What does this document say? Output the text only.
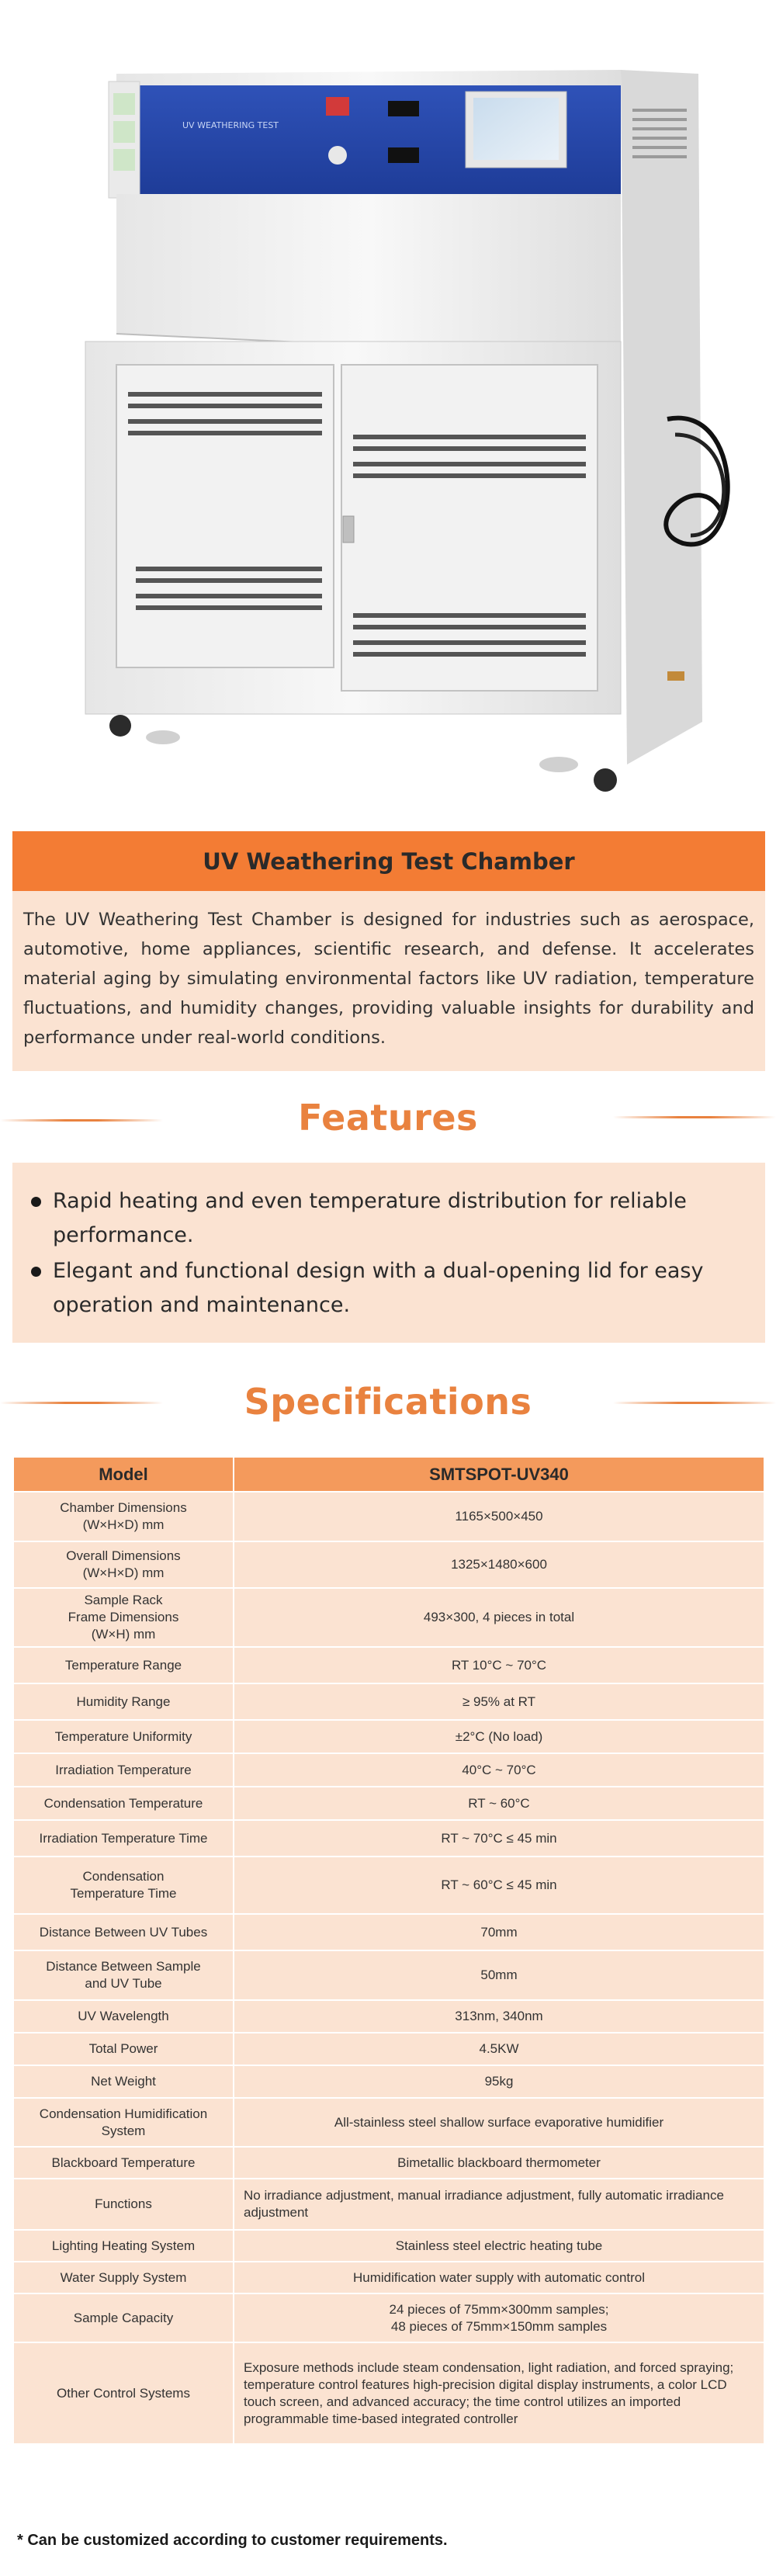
UV WEATHERING TEST
UV Weathering Test Chamber

The UV Weathering Test Chamber is designed for industries such as aerospace, automotive, home appliances, scientific research, and defense. It accelerates material aging by simulating environmental factors like UV radiation, temperature fluctuations, and humidity changes, providing valuable insights for durability and performance under real-world conditions.

Features
Rapid heating and even temperature distribution for reliable performance.
Elegant and functional design with a dual-opening lid for easy operation and maintenance.
Specifications
Model	SMTSPOT-UV340
Chamber Dimensions
(W×H×D) mm	1165×500×450
Overall Dimensions
(W×H×D) mm	1325×1480×600
Sample Rack
Frame Dimensions
(W×H) mm	493×300, 4 pieces in total
Temperature Range	RT 10°C ~ 70°C
Humidity Range	≥ 95% at RT
Temperature Uniformity	±2°C (No load)
Irradiation Temperature	40°C ~ 70°C
Condensation Temperature	RT ~ 60°C
Irradiation Temperature Time	RT ~ 70°C ≤ 45 min
Condensation
Temperature Time	RT ~ 60°C ≤ 45 min
Distance Between UV Tubes	70mm
Distance Between Sample
and UV Tube	50mm
UV Wavelength	313nm, 340nm
Total Power	4.5KW
Net Weight	95kg
Condensation Humidification
System	All-stainless steel shallow surface evaporative humidifier
Blackboard Temperature	Bimetallic blackboard thermometer
Functions	No irradiance adjustment, manual irradiance adjustment, fully automatic irradiance adjustment
Lighting Heating System	Stainless steel electric heating tube
Water Supply System	Humidification water supply with automatic control
Sample Capacity	24 pieces of 75mm×300mm samples;
48 pieces of 75mm×150mm samples
Other Control Systems	Exposure methods include steam condensation, light radiation, and forced spraying; temperature control features high-precision digital display instruments, a color LCD touch screen, and advanced accuracy; the time control utilizes an imported programmable time-based integrated controller
* Can be customized according to customer requirements.
